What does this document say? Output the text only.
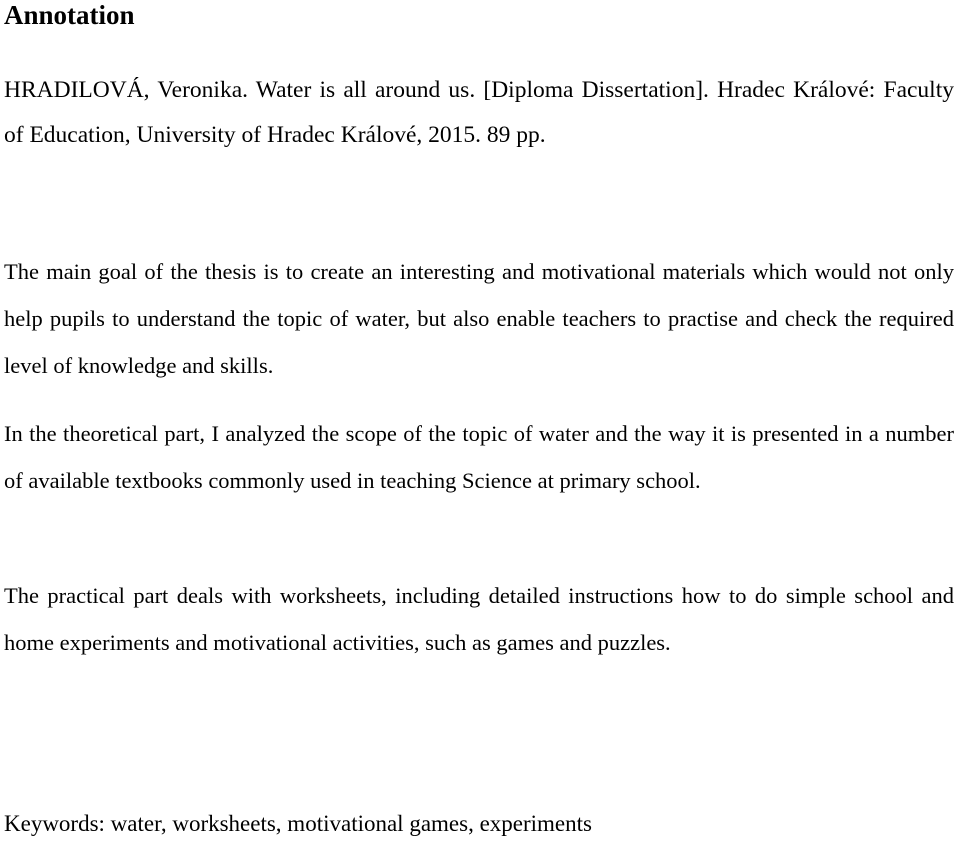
Annotation

HRADILOVÁ, Veronika. Water is all around us. [Diploma Dissertation]. Hradec Králové: Faculty of Education, University of Hradec Králové, 2015. 89 pp.

The main goal of the thesis is to create an interesting and motivational materials which would not only help pupils to understand the topic of water, but also enable teachers to practise and check the required level of knowledge and skills.

In the theoretical part, I analyzed the scope of the topic of water and the way it is presented in a number of available textbooks commonly used in teaching Science at primary school.

The practical part deals with worksheets, including detailed instructions how to do simple school and home experiments and motivational activities, such as games and puzzles.

Keywords: water, worksheets, motivational games, experiments
